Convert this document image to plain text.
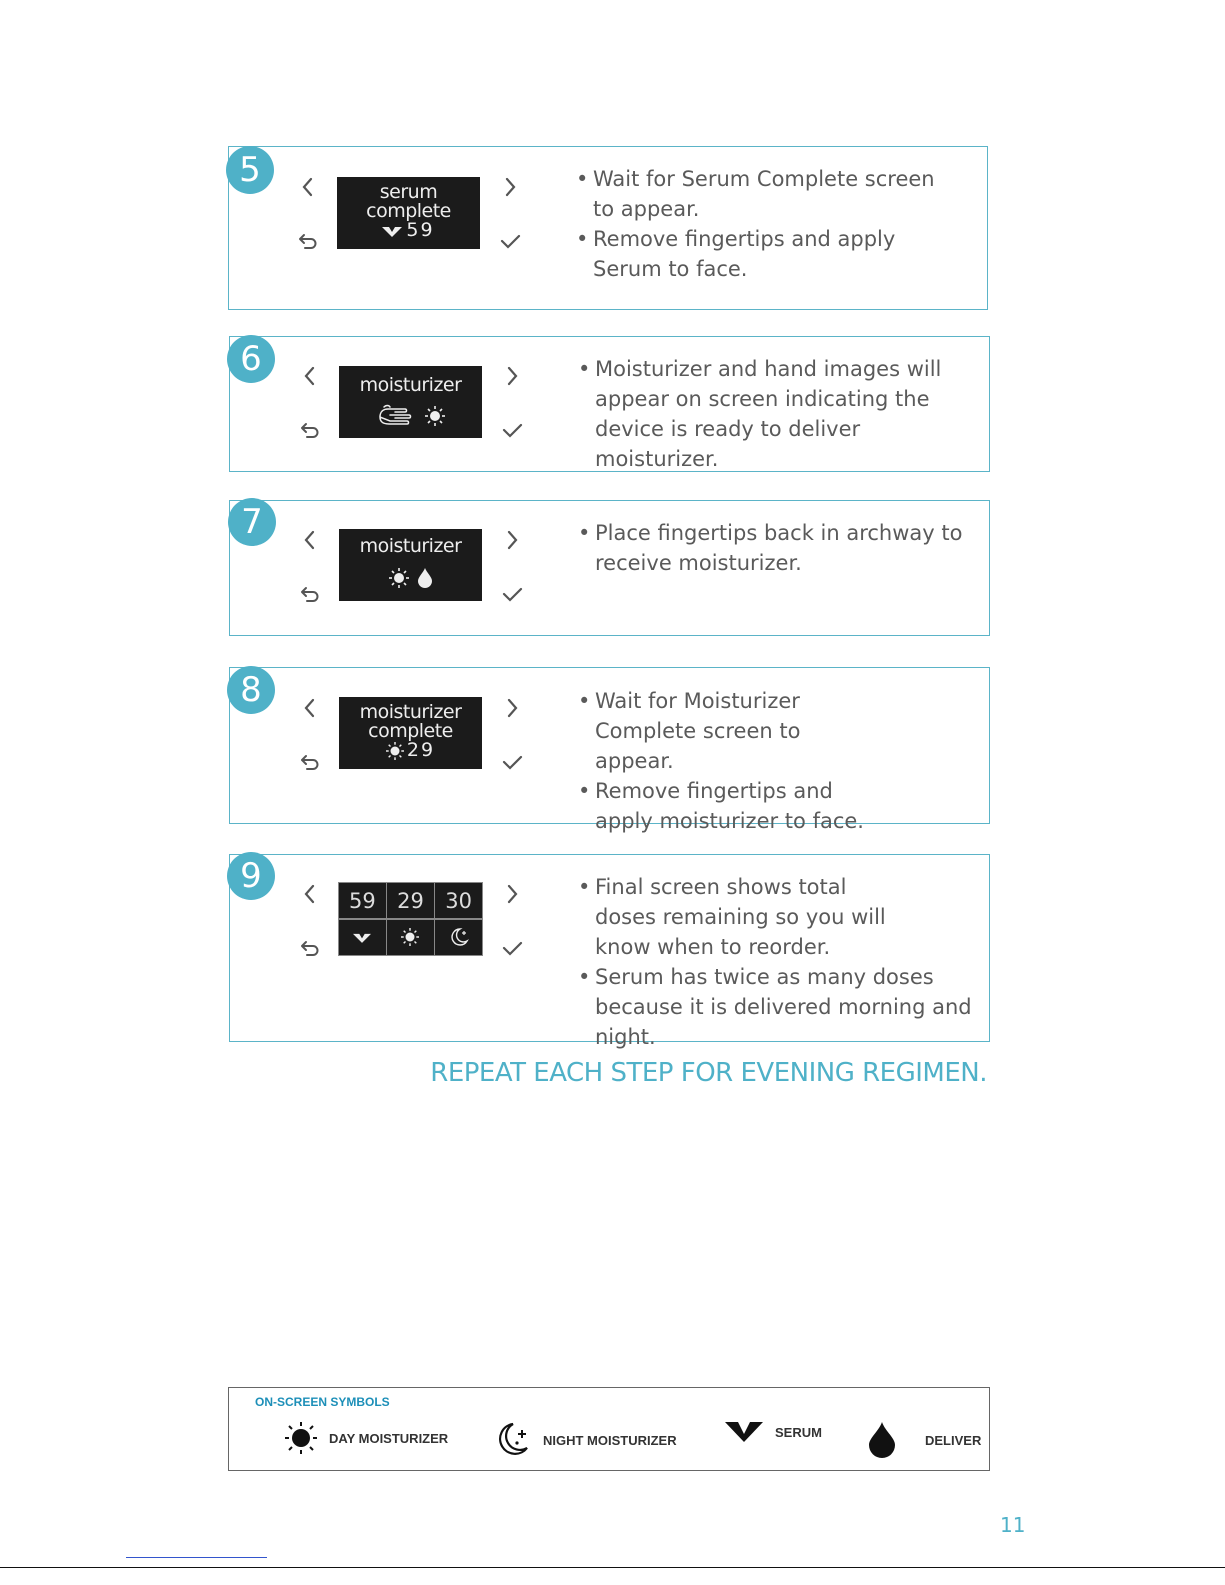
5
serum
complete
59
• Wait for Serum Complete screen to appear.
• Remove fingertips and apply Serum to face.
6
moisturizer
• Moisturizer and hand images will appear on screen indicating the device is ready to deliver moisturizer.
7
moisturizer
• Place fingertips back in archway to receive moisturizer.
8
moisturizer
complete
29
• Wait for Moisturizer Complete screen to appear.
• Remove fingertips and apply moisturizer to face.
9
59	29	30
• Final screen shows total doses remaining so you will know when to reorder.
• Serum has twice as many doses because it is delivered morning and night.
REPEAT EACH STEP FOR EVENING REGIMEN.
ON-SCREEN SYMBOLS
DAY MOISTURIZER	NIGHT MOISTURIZER
SERUM
DELIVER
11
